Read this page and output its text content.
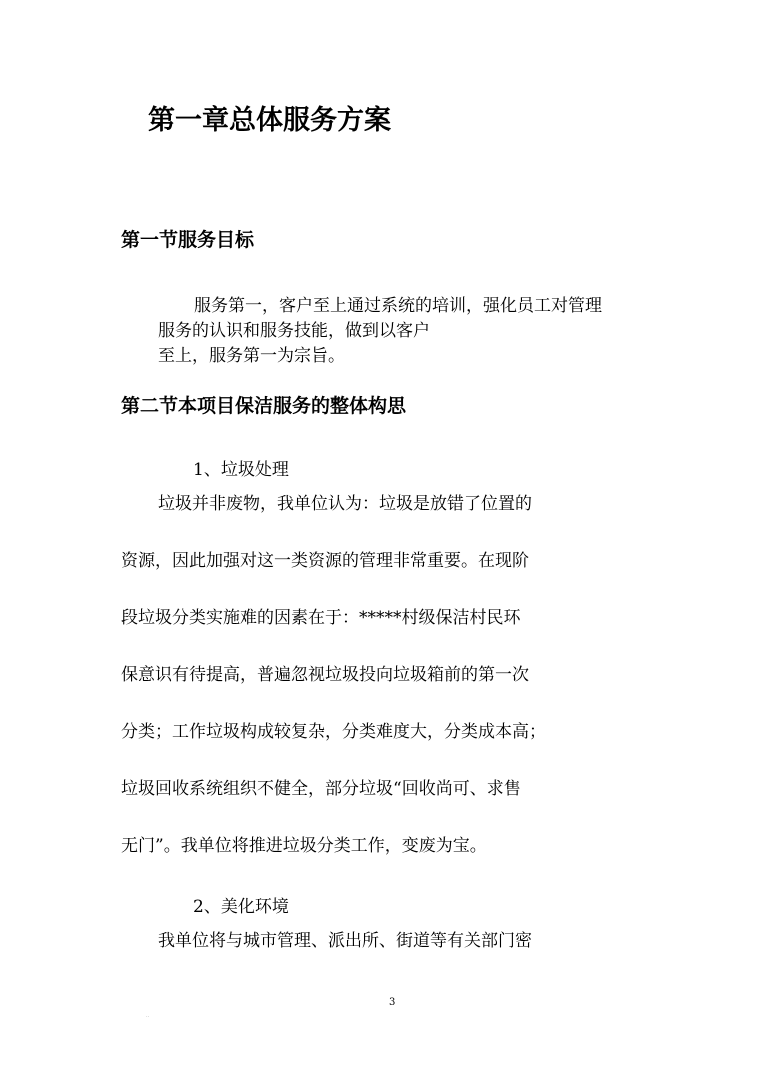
第一章总体服务方案
第一节服务目标
服务第一，客户至上通过系统的培训，强化员工对管理
服务的认识和服务技能，做到以客户
至上，服务第一为宗旨。
第二节本项目保洁服务的整体构思
1、垃圾处理
垃圾并非废物，我单位认为：垃圾是放错了位置的
资源，因此加强对这一类资源的管理非常重要。在现阶
段垃圾分类实施难的因素在于：*****村级保洁村民环
保意识有待提高，普遍忽视垃圾投向垃圾箱前的第一次
分类；工作垃圾构成较复杂，分类难度大，分类成本高；
垃圾回收系统组织不健全，部分垃圾“回收尚可、求售
无门”。我单位将推进垃圾分类工作，变废为宝。
2、美化环境
我单位将与城市管理、派出所、街道等有关部门密
3
..
